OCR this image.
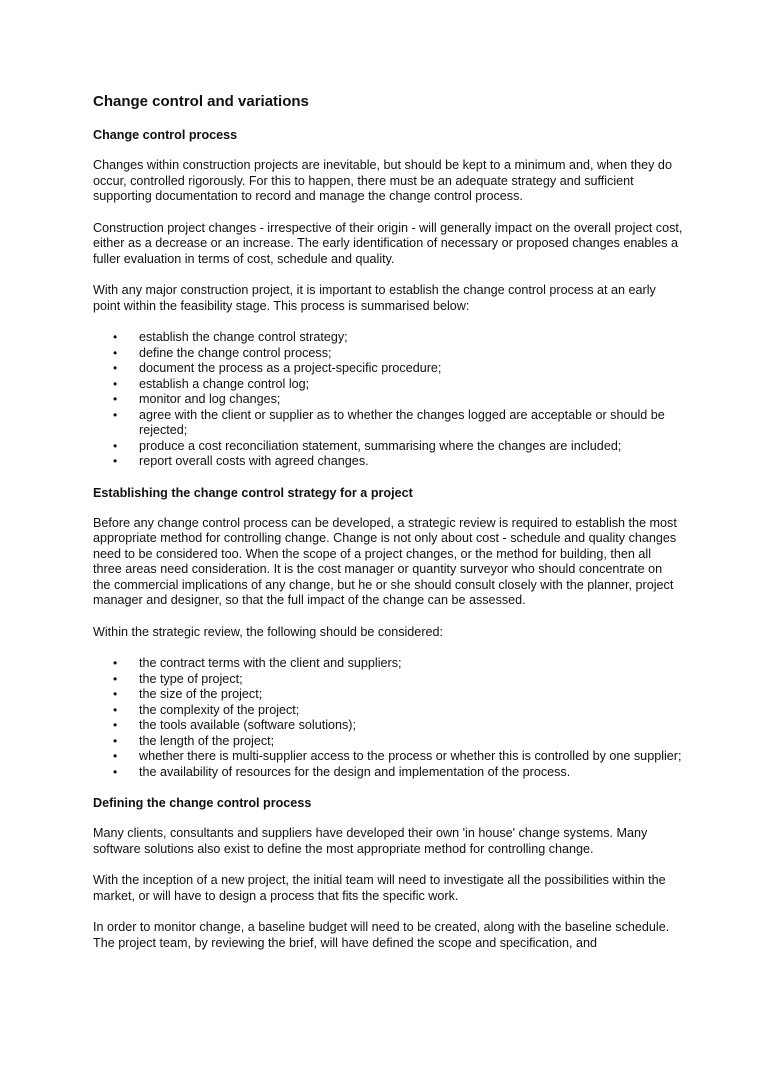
Change control and variations
Change control process

Changes within construction projects are inevitable, but should be kept to a minimum and, when they do occur, controlled rigorously. For this to happen, there must be an adequate strategy and sufficient supporting documentation to record and manage the change control process.

Construction project changes - irrespective of their origin - will generally impact on the overall project cost, either as a decrease or an increase. The early identification of necessary or proposed changes enables a fuller evaluation in terms of cost, schedule and quality.

With any major construction project, it is important to establish the change control process at an early point within the feasibility stage. This process is summarised below:

• establish the change control strategy;
• define the change control process;
• document the process as a project-specific procedure;
• establish a change control log;
• monitor and log changes;
• agree with the client or supplier as to whether the changes logged are acceptable or should be rejected;
• produce a cost reconciliation statement, summarising where the changes are included;
• report overall costs with agreed changes.
Establishing the change control strategy for a project

Before any change control process can be developed, a strategic review is required to establish the most appropriate method for controlling change. Change is not only about cost - schedule and quality changes need to be considered too. When the scope of a project changes, or the method for building, then all three areas need consideration. It is the cost manager or quantity surveyor who should concentrate on the commercial implications of any change, but he or she should consult closely with the planner, project manager and designer, so that the full impact of the change can be assessed.

Within the strategic review, the following should be considered:

• the contract terms with the client and suppliers;
• the type of project;
• the size of the project;
• the complexity of the project;
• the tools available (software solutions);
• the length of the project;
• whether there is multi-supplier access to the process or whether this is controlled by one supplier;
• the availability of resources for the design and implementation of the process.
Defining the change control process

Many clients, consultants and suppliers have developed their own 'in house' change systems. Many software solutions also exist to define the most appropriate method for controlling change.

With the inception of a new project, the initial team will need to investigate all the possibilities within the market, or will have to design a process that fits the specific work.

In order to monitor change, a baseline budget will need to be created, along with the baseline schedule. The project team, by reviewing the brief, will have defined the scope and specification, and
